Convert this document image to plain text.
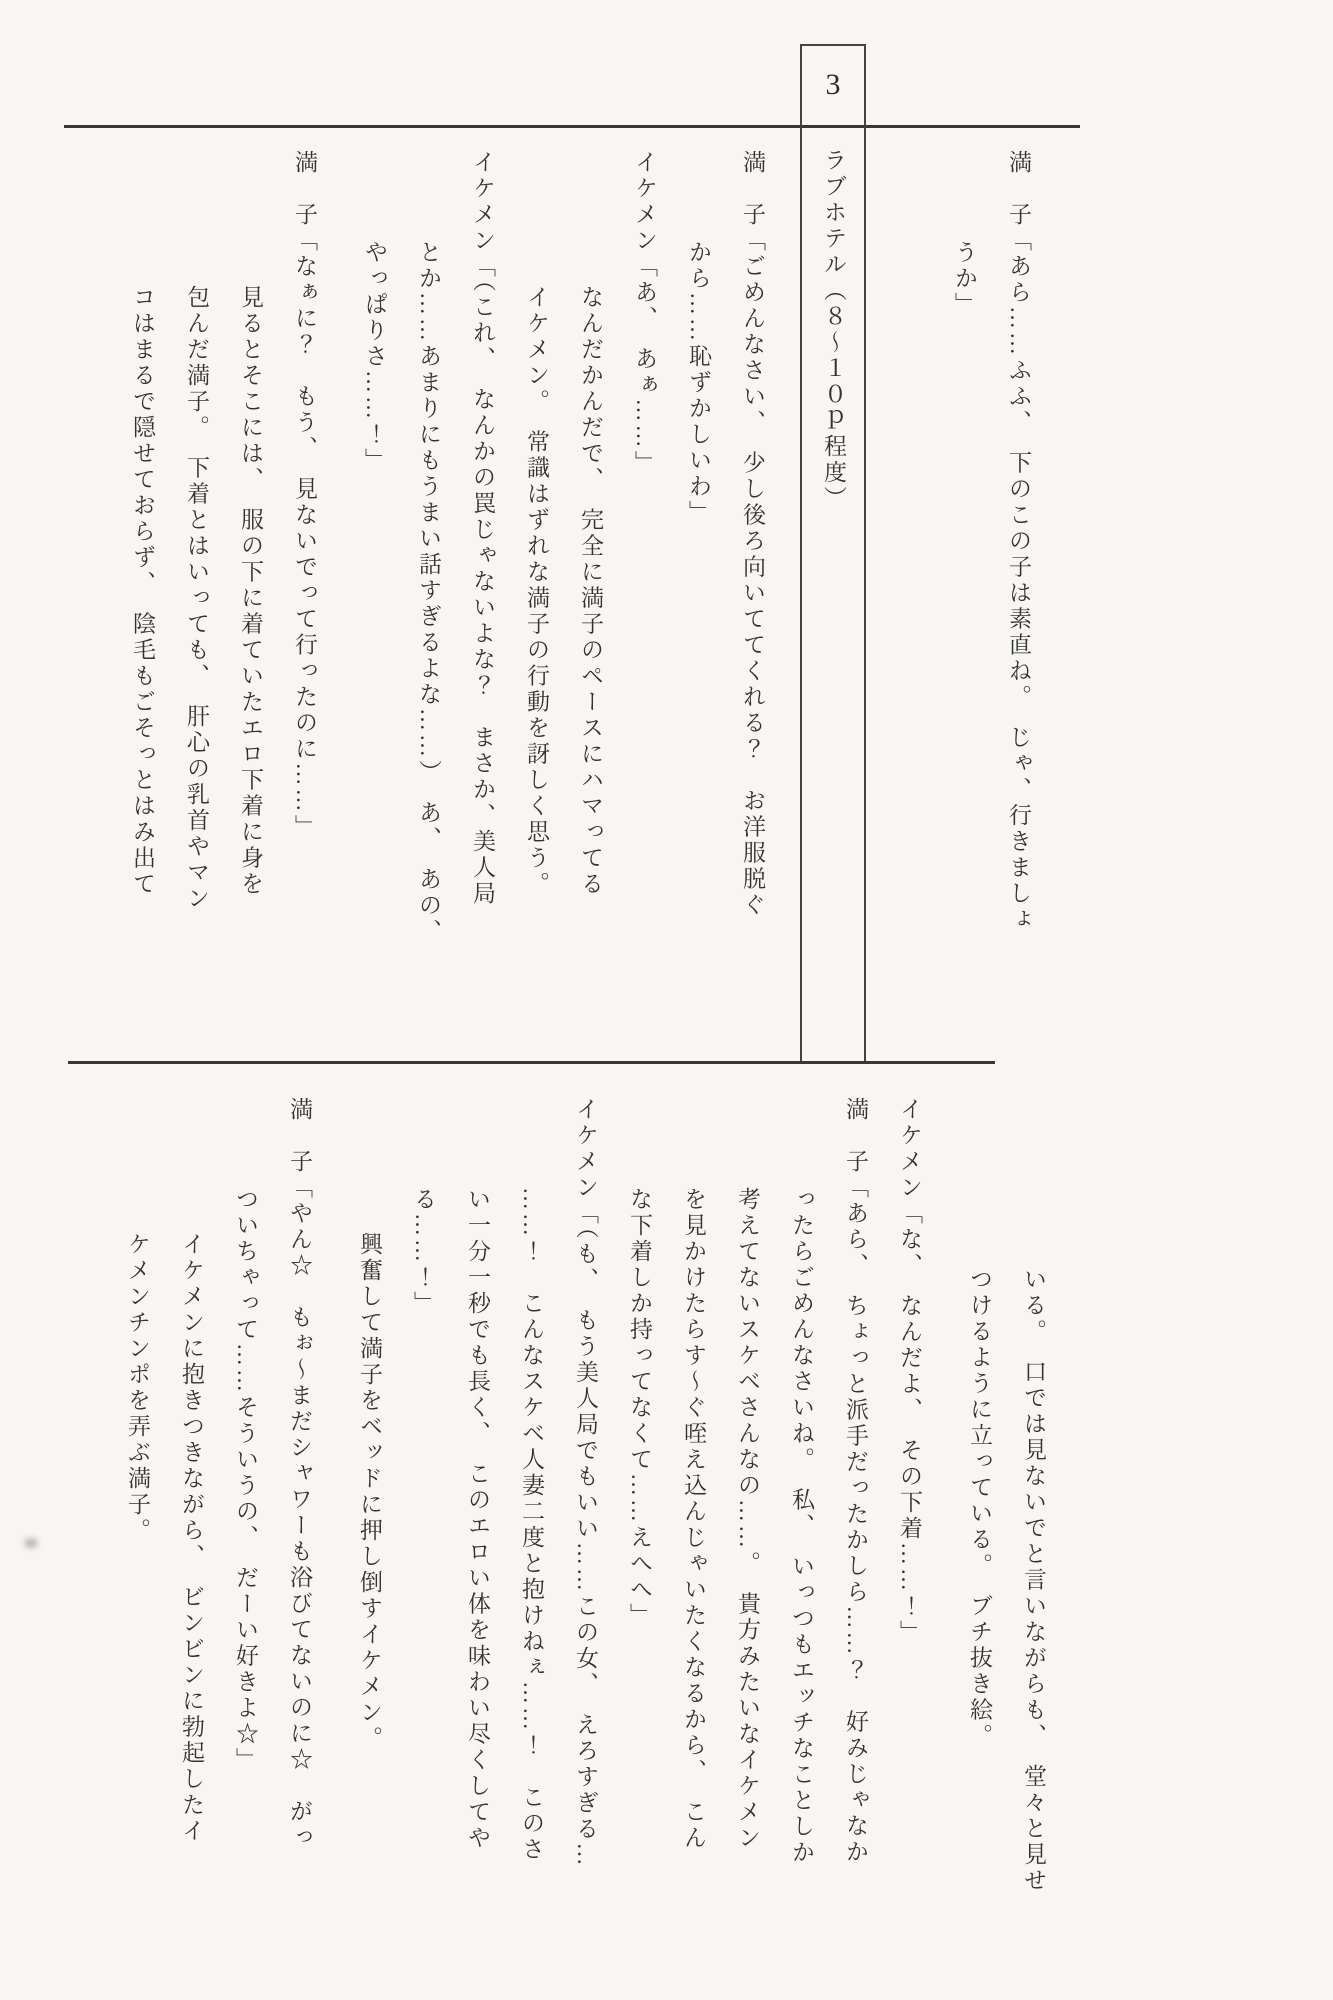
3
ラブホテル（８～１０ｐ程度）	満　子「あら……ふふ、　下のこの子は素直ね。　じゃ、行きましょ
うか」
満　子「ごめんなさい、　少し後ろ向いててくれる？　お洋服脱ぐ
から……恥ずかしいわ」
イケメン「あ、　あぁ……」
なんだかんだで、　完全に満子のペースにハマってる
イケメン。　常識はずれな満子の行動を訝しく思う。
イケメン「（これ、　なんかの罠じゃないよな？　まさか、美人局
とか……あまりにもうまい話すぎるよな……）　あ、　あの、
やっぱりさ……！」
満　子「なぁに？　もう、　見ないでって行ったのに……」
見るとそこには、　服の下に着ていたエロ下着に身を
包んだ満子。　下着とはいっても、　肝心の乳首やマン
コはまるで隠せておらず、　陰毛もごそっとはみ出て
いる。　口では見ないでと言いながらも、　堂々と見せ
つけるように立っている。　ブチ抜き絵。
イケメン「な、　なんだよ、　その下着……！」
満　子「あら、　ちょっと派手だったかしら……？　好みじゃなか
ったらごめんなさいね。　私、　いっつもエッチなことしか
考えてないスケベさんなの……。　貴方みたいなイケメン
を見かけたらす～ぐ咥え込んじゃいたくなるから、　こん
な下着しか持ってなくて……えへへ」
イケメン「（も、　もう美人局でもいい……この女、　えろすぎる…
……！　こんなスケベ人妻二度と抱けねぇ……！　このさ
い一分一秒でも長く、　このエロい体を味わい尽くしてや
る……！」
興奮して満子をベッドに押し倒すイケメン。
満　子「やん☆　もぉ～まだシャワーも浴びてないのに☆　がっ
ついちゃって……そういうの、　だーい好きよ☆」
イケメンに抱きつきながら、　ビンビンに勃起したイ
ケメンチンポを弄ぶ満子。
